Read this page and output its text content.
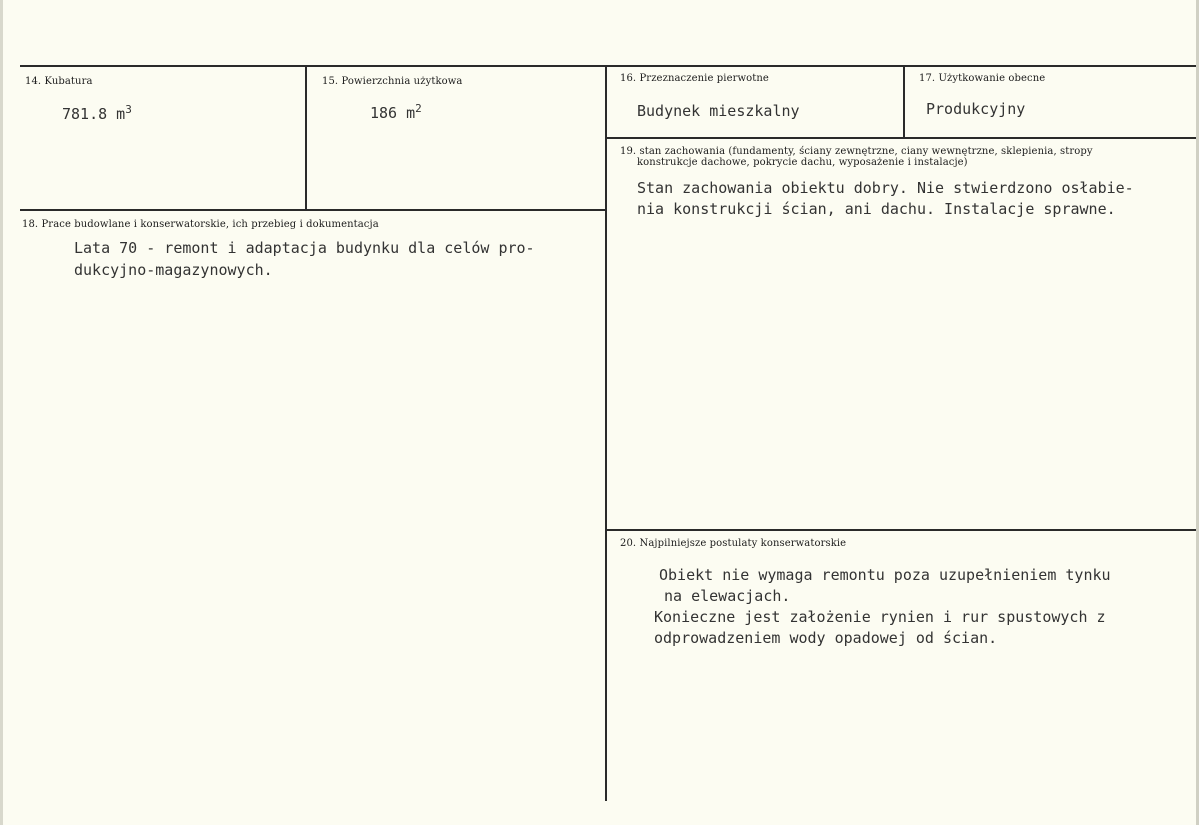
14. Kubatura
781.8 $m^3$
15. Powierzchnia użytkowa
186 $m^2$
16. Przeznaczenie pierwotne
Budynek mieszkalny
17. Użytkowanie obecne
Produkcyjny
18. Prace budowlane i konserwatorskie, ich przebieg i dokumentacja
Lata 70 - remont i adaptacja budynku dla celów pro-
dukcyjno-magazynowych.
19. stan zachowania (fundamenty, ściany zewnętrzne, ciany wewnętrzne, sklepienia, stropy
konstrukcje dachowe, pokrycie dachu, wyposażenie i instalacje)
Stan zachowania obiektu dobry. Nie stwierdzono osłabie-
nia konstrukcji ścian, ani dachu. Instalacje sprawne.
20. Najpilniejsze postulaty konserwatorskie
Obiekt nie wymaga remontu poza uzupełnieniem tynku
na elewacjach.
Konieczne jest założenie rynien i rur spustowych z
odprowadzeniem wody opadowej od ścian.
